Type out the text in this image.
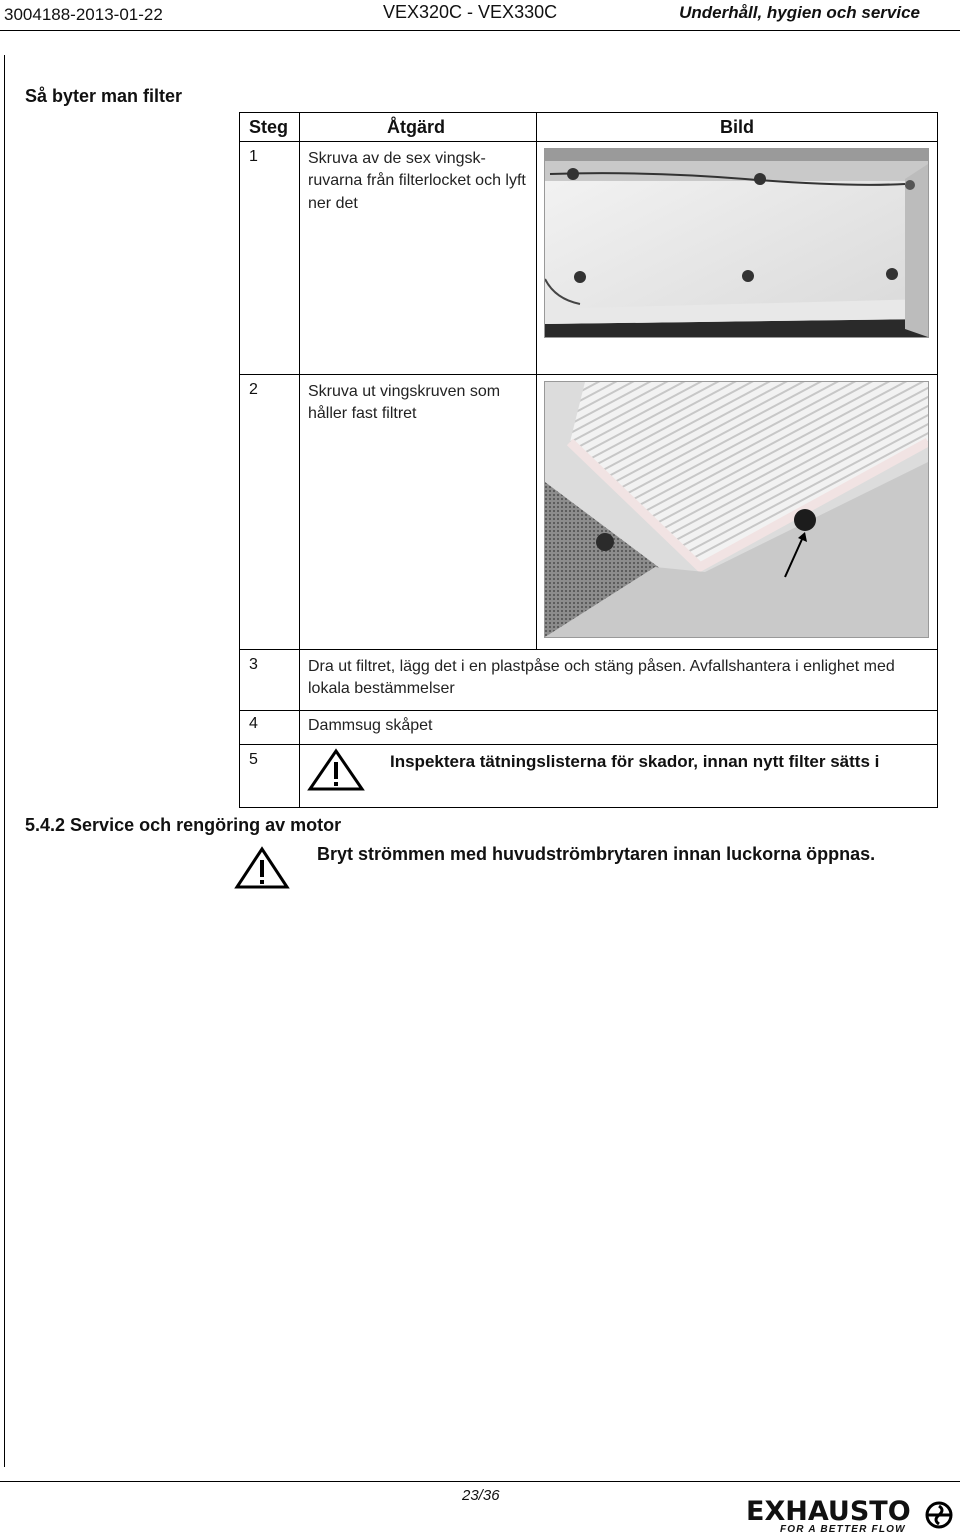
3004188-2013-01-22	VEX320C - VEX330C	Underhåll, hygien och service
Så byter man filter
Steg	Åtgärd	Bild
1	Skruva av de sex vingsk-ruvarna från filterlocket och lyft ner det	

2	Skruva ut vingskruven som håller fast filtret	

3	Dra ut filtret, lägg det i en plastpåse och stäng påsen. Avfallshantera i enlighet med lokala bestämmelser	
4	Dammsug skåpet	
5	Inspektera tätningslisterna för skador, innan nytt filter sätts i	
5.4.2 Service och rengöring av motor
Bryt strömmen med huvudströmbrytaren innan luckorna öppnas.
23/36
EXHAUSTO
FOR A BETTER FLOW
